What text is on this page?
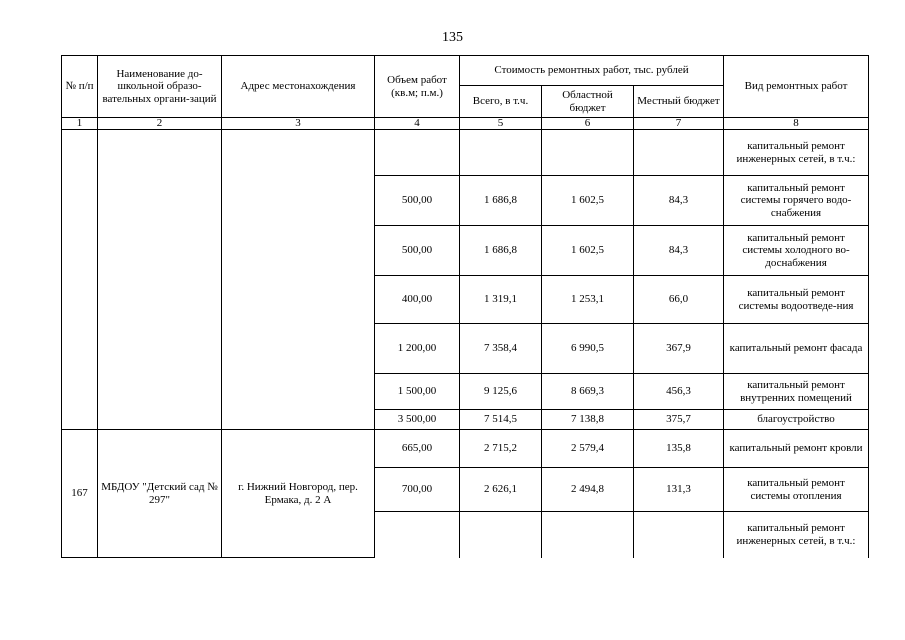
135
№ п/п	Наименование до-школьной образо-вательных органи-заций	Адрес местонахождения	Объем работ (кв.м; п.м.)	Стоимость ремонтных работ, тыс. рублей			Вид ремонтных работ
				Всего, в т.ч.	Областной бюджет	Местный бюджет	
1	2	3	4	5	6	7	8
							капитальный ремонт инженерных сетей, в т.ч.:
			500,00	1 686,8	1 602,5	84,3	капитальный ремонт системы горячего водо-снабжения
			500,00	1 686,8	1 602,5	84,3	капитальный ремонт системы холодного во-доснабжения
			400,00	1 319,1	1 253,1	66,0	капитальный ремонт системы водоотведе-ния
			1 200,00	7 358,4	6 990,5	367,9	капитальный ремонт фасада
			1 500,00	9 125,6	8 669,3	456,3	капитальный ремонт внутренних помещений
			3 500,00	7 514,5	7 138,8	375,7	благоустройство
167	МБДОУ "Детский сад № 297"	г. Нижний Новгород, пер. Ермака, д. 2 А	665,00	2 715,2	2 579,4	135,8	капитальный ремонт кровли
			700,00	2 626,1	2 494,8	131,3	капитальный ремонт системы отопления
							капитальный ремонт инженерных сетей, в т.ч.:
